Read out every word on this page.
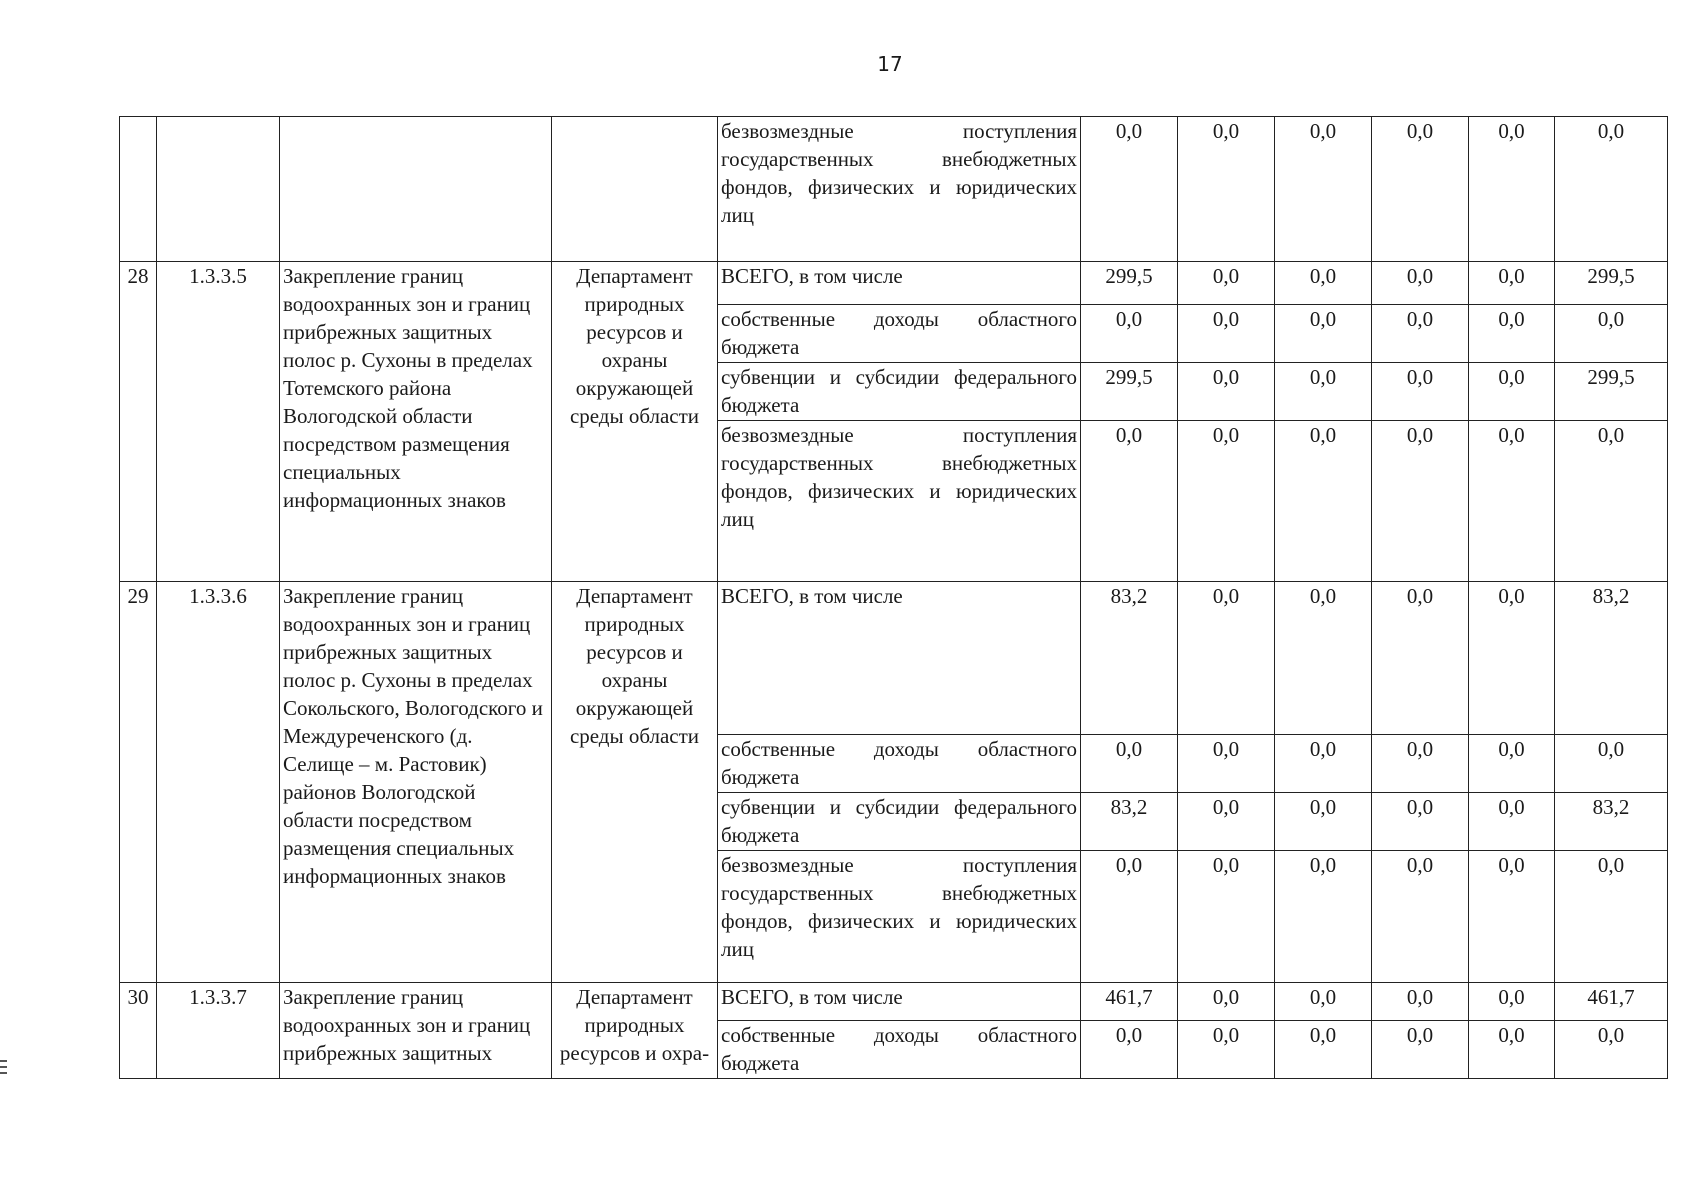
17
				безвозмездные поступления государственных внебюджетных фондов, физических и юридических лиц	0,0	0,0	0,0	0,0	0,0	0,0
28	1.3.3.5	Закрепление границ водоохранных зон и границ прибрежных защитных полос р. Сухоны в пределах Тотемского района Вологодской области посредством размещения специальных информационных знаков	Департамент природных ресурсов и охраны окружающей среды области	ВСЕГО, в том числе	299,5	0,0	0,0	0,0	0,0	299,5
				собственные доходы областного бюджета	0,0	0,0	0,0	0,0	0,0	0,0
				субвенции и субсидии федерального бюджета	299,5	0,0	0,0	0,0	0,0	299,5
				безвозмездные поступления государственных внебюджетных фондов, физических и юридических лиц	0,0	0,0	0,0	0,0	0,0	0,0
29	1.3.3.6	Закрепление границ водоохранных зон и границ прибрежных защитных полос р. Сухоны в пределах Сокольского, Вологодского и Междуреченского (д. Селище – м. Растовик) районов Вологодской области посредством размещения специальных информационных знаков	Департамент природных ресурсов и охраны окружающей среды области	ВСЕГО, в том числе	83,2	0,0	0,0	0,0	0,0	83,2
				собственные доходы областного бюджета	0,0	0,0	0,0	0,0	0,0	0,0
				субвенции и субсидии федерального бюджета	83,2	0,0	0,0	0,0	0,0	83,2
				безвозмездные поступления государственных внебюджетных фондов, физических и юридических лиц	0,0	0,0	0,0	0,0	0,0	0,0
30	1.3.3.7	Закрепление границ водоохранных зон и границ прибрежных защитных	Департамент природных ресурсов и охра-	ВСЕГО, в том числе	461,7	0,0	0,0	0,0	0,0	461,7
				собственные доходы областного бюджета	0,0	0,0	0,0	0,0	0,0	0,0
